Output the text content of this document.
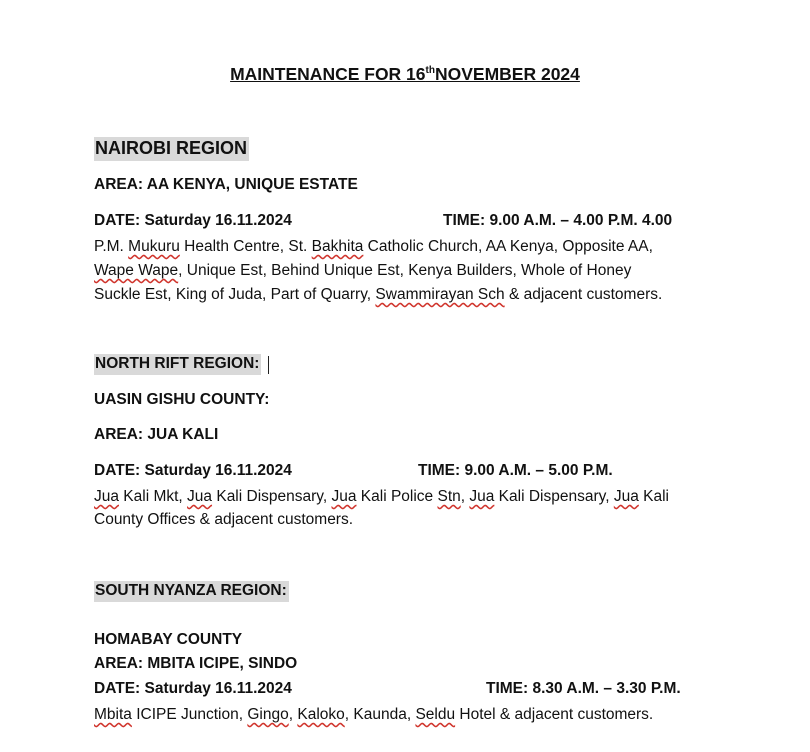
MAINTENANCE FOR 16thNOVEMBER 2024
NAIROBI REGION
AREA: AA KENYA, UNIQUE ESTATE
DATE: Saturday 16.11.2024	TIME: 9.00 A.M. – 4.00 P.M. 4.00
P.M. Mukuru Health Centre, St. Bakhita Catholic Church, AA Kenya, Opposite AA,
Wape Wape, Unique Est, Behind Unique Est, Kenya Builders, Whole of Honey
Suckle Est, King of Juda, Part of Quarry, Swammirayan Sch & adjacent customers.
NORTH RIFT REGION:
UASIN GISHU COUNTY:
AREA: JUA KALI
DATE: Saturday 16.11.2024	TIME: 9.00 A.M. – 5.00 P.M.
Jua Kali Mkt, Jua Kali Dispensary, Jua Kali Police Stn, Jua Kali Dispensary, Jua Kali
County Offices & adjacent customers.
SOUTH NYANZA REGION:
HOMABAY COUNTY
AREA: MBITA ICIPE, SINDO
DATE: Saturday 16.11.2024	TIME: 8.30 A.M. – 3.30 P.M.
Mbita ICIPE Junction, Gingo, Kaloko, Kaunda, Seldu Hotel & adjacent customers.
